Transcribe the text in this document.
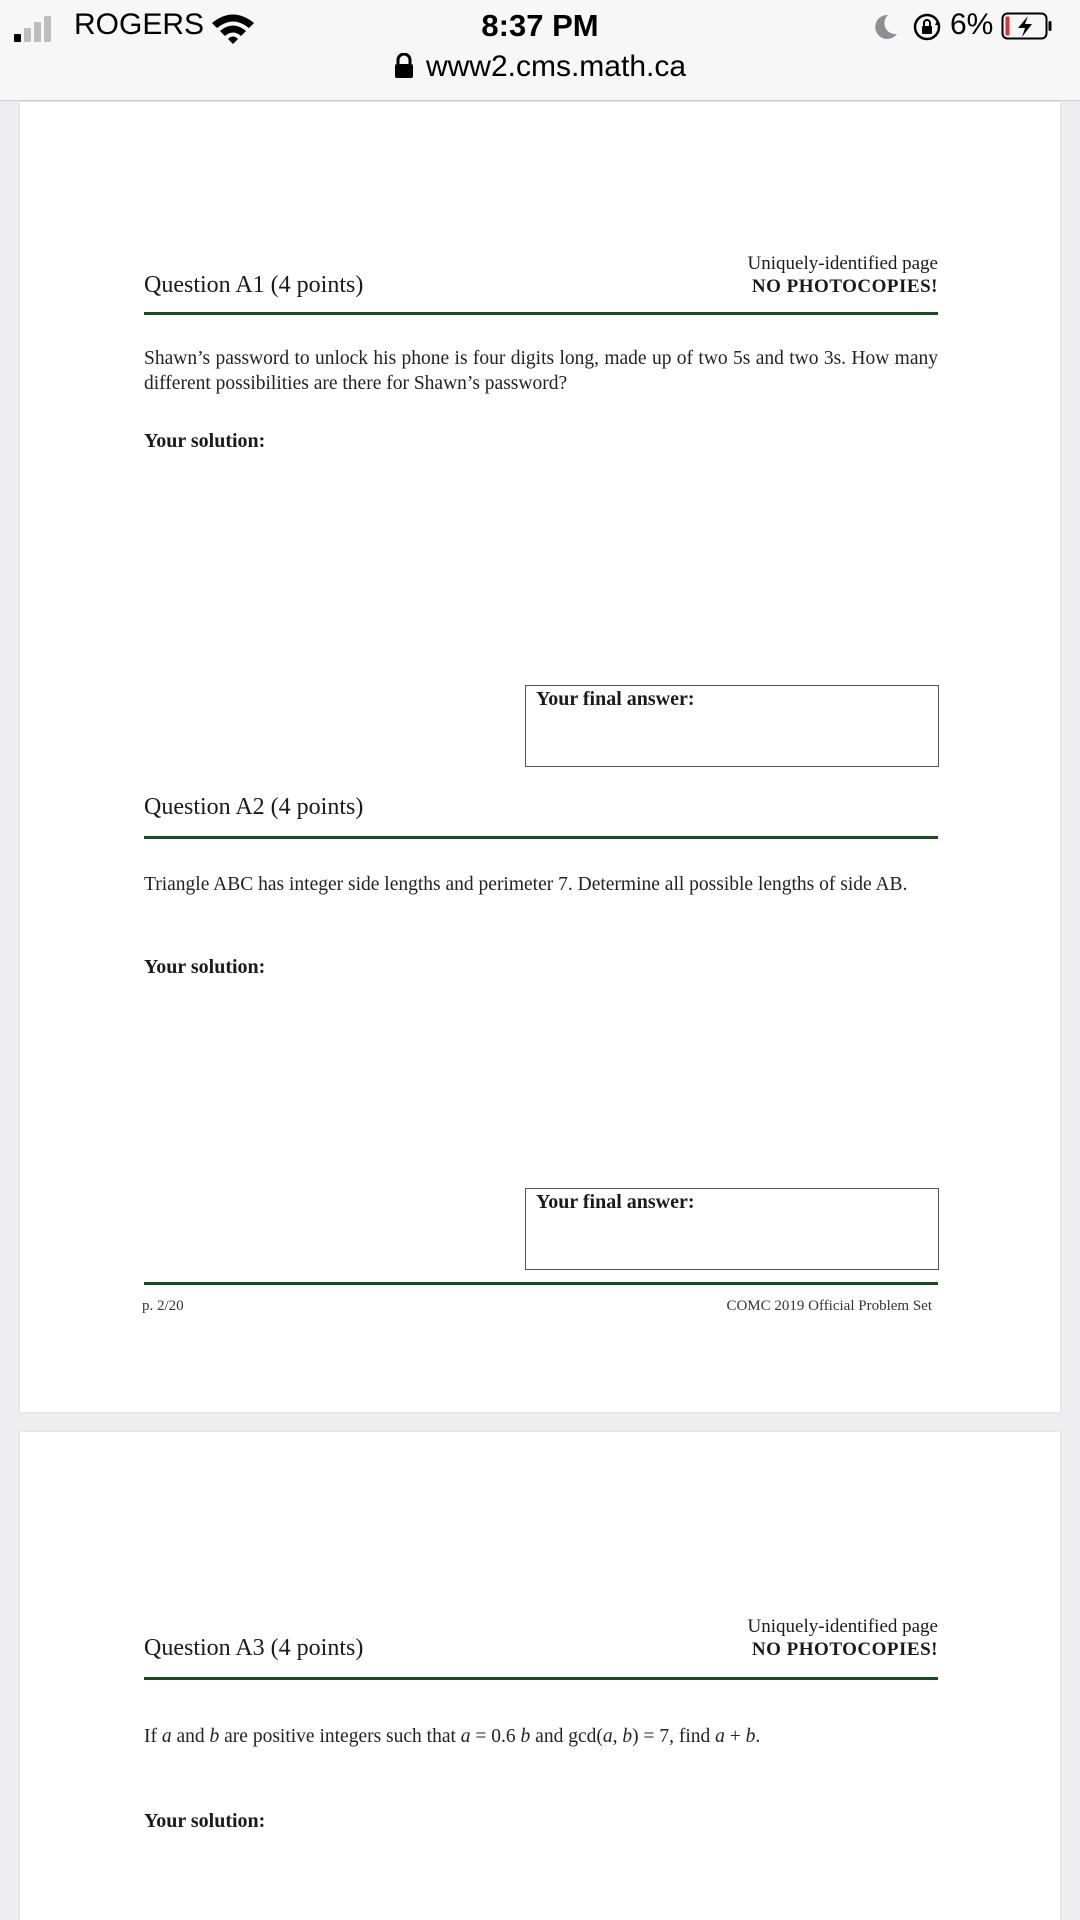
ROGERS	8:37 PM	6%
www2.cms.math.ca
Uniquely-identified page
NO PHOTOCOPIES!
Question A1 (4 points)
Shawn’s password to unlock his phone is four digits long, made up of two 5s and two 3s. How many different possibilities are there for Shawn’s password?
Your solution:
Your final answer:
Question A2 (4 points)
Triangle ABC has integer side lengths and perimeter 7. Determine all possible lengths of side AB.
Your solution:
Your final answer:
p. 2/20	COMC 2019 Official Problem Set
Uniquely-identified page
NO PHOTOCOPIES!
Question A3 (4 points)
If a and b are positive integers such that a = 0.6 b and gcd(a, b) = 7, find a + b.
Your solution:
